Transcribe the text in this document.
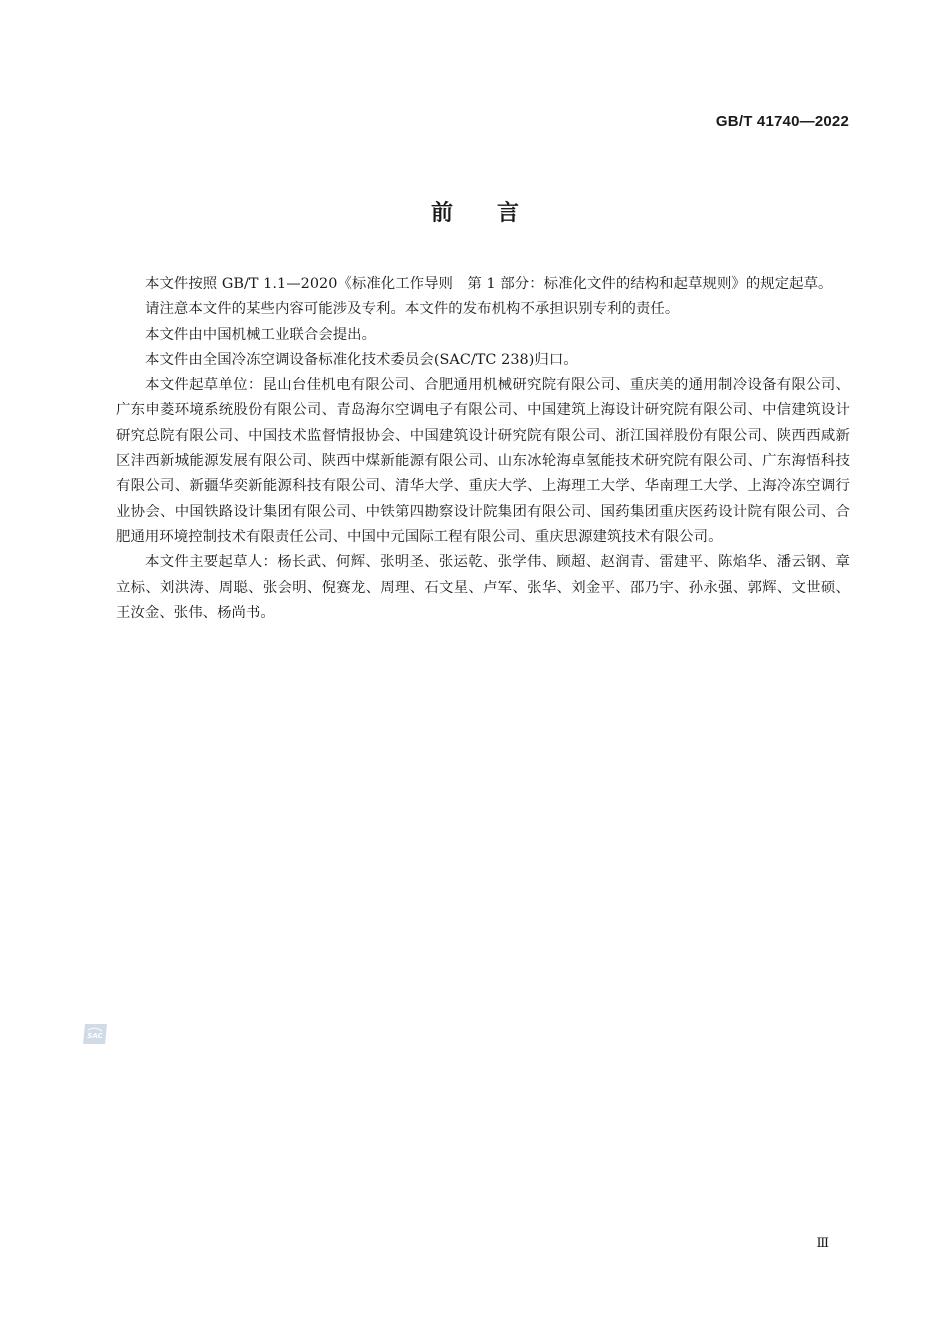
GB/T 41740—2022
前 言

本文件按照 GB/T 1.1—2020《标准化工作导则　第 1 部分：标准化文件的结构和起草规则》的规定起草。

请注意本文件的某些内容可能涉及专利。本文件的发布机构不承担识别专利的责任。

本文件由中国机械工业联合会提出。

本文件由全国冷冻空调设备标准化技术委员会(SAC/TC 238)归口。

本文件起草单位：昆山台佳机电有限公司、合肥通用机械研究院有限公司、重庆美的通用制冷设备有限公司、广东申菱环境系统股份有限公司、青岛海尔空调电子有限公司、中国建筑上海设计研究院有限公司、中信建筑设计研究总院有限公司、中国技术监督情报协会、中国建筑设计研究院有限公司、浙江国祥股份有限公司、陕西西咸新区沣西新城能源发展有限公司、陕西中煤新能源有限公司、山东冰轮海卓氢能技术研究院有限公司、广东海悟科技有限公司、新疆华奕新能源科技有限公司、清华大学、重庆大学、上海理工大学、华南理工大学、上海冷冻空调行业协会、中国铁路设计集团有限公司、中铁第四勘察设计院集团有限公司、国药集团重庆医药设计院有限公司、合肥通用环境控制技术有限责任公司、中国中元国际工程有限公司、重庆思源建筑技术有限公司。

本文件主要起草人：杨长武、何辉、张明圣、张运乾、张学伟、顾超、赵润青、雷建平、陈焰华、潘云钢、章立标、刘洪涛、周聪、张会明、倪赛龙、周理、石文星、卢军、张华、刘金平、邵乃宇、孙永强、郭辉、文世硕、王汝金、张伟、杨尚书。

SAC
Ⅲ
